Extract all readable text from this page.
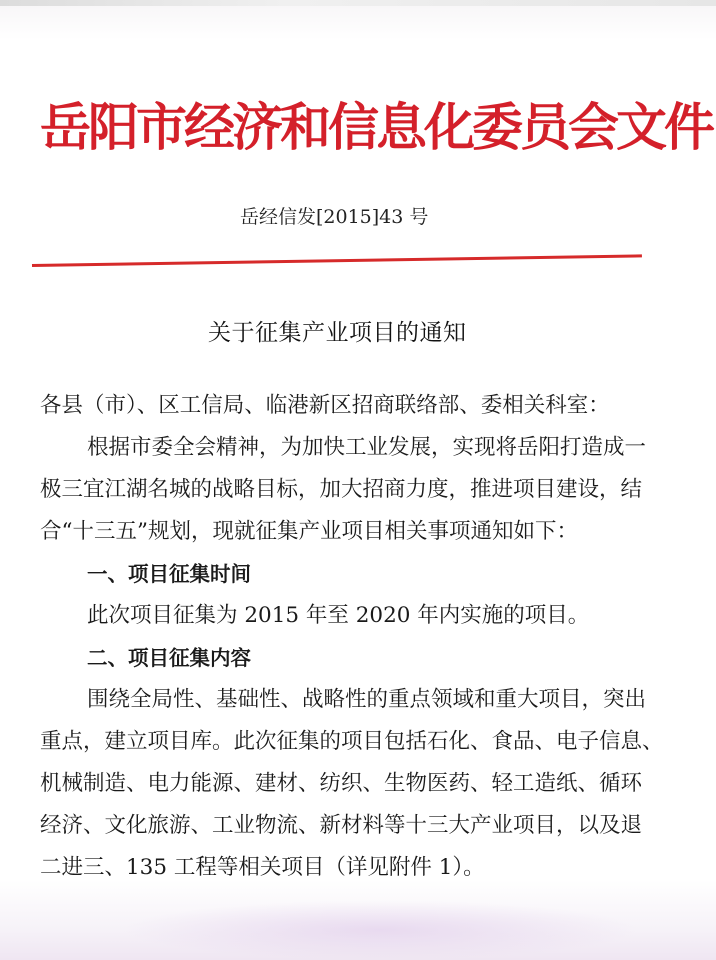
岳阳市经济和信息化委员会文件
岳经信发[2015]43 号
关于征集产业项目的通知

各县（市）、区工信局、临港新区招商联络部、委相关科室：

根据市委全会精神，为加快工业发展，实现将岳阳打造成一

极三宜江湖名城的战略目标，加大招商力度，推进项目建设，结

合“十三五”规划，现就征集产业项目相关事项通知如下：

一、项目征集时间

此次项目征集为 2015 年至 2020 年内实施的项目。

二、项目征集内容

围绕全局性、基础性、战略性的重点领域和重大项目，突出

重点，建立项目库。此次征集的项目包括石化、食品、电子信息、

机械制造、电力能源、建材、纺织、生物医药、轻工造纸、循环

经济、文化旅游、工业物流、新材料等十三大产业项目，以及退

二进三、135 工程等相关项目（详见附件 1）。
